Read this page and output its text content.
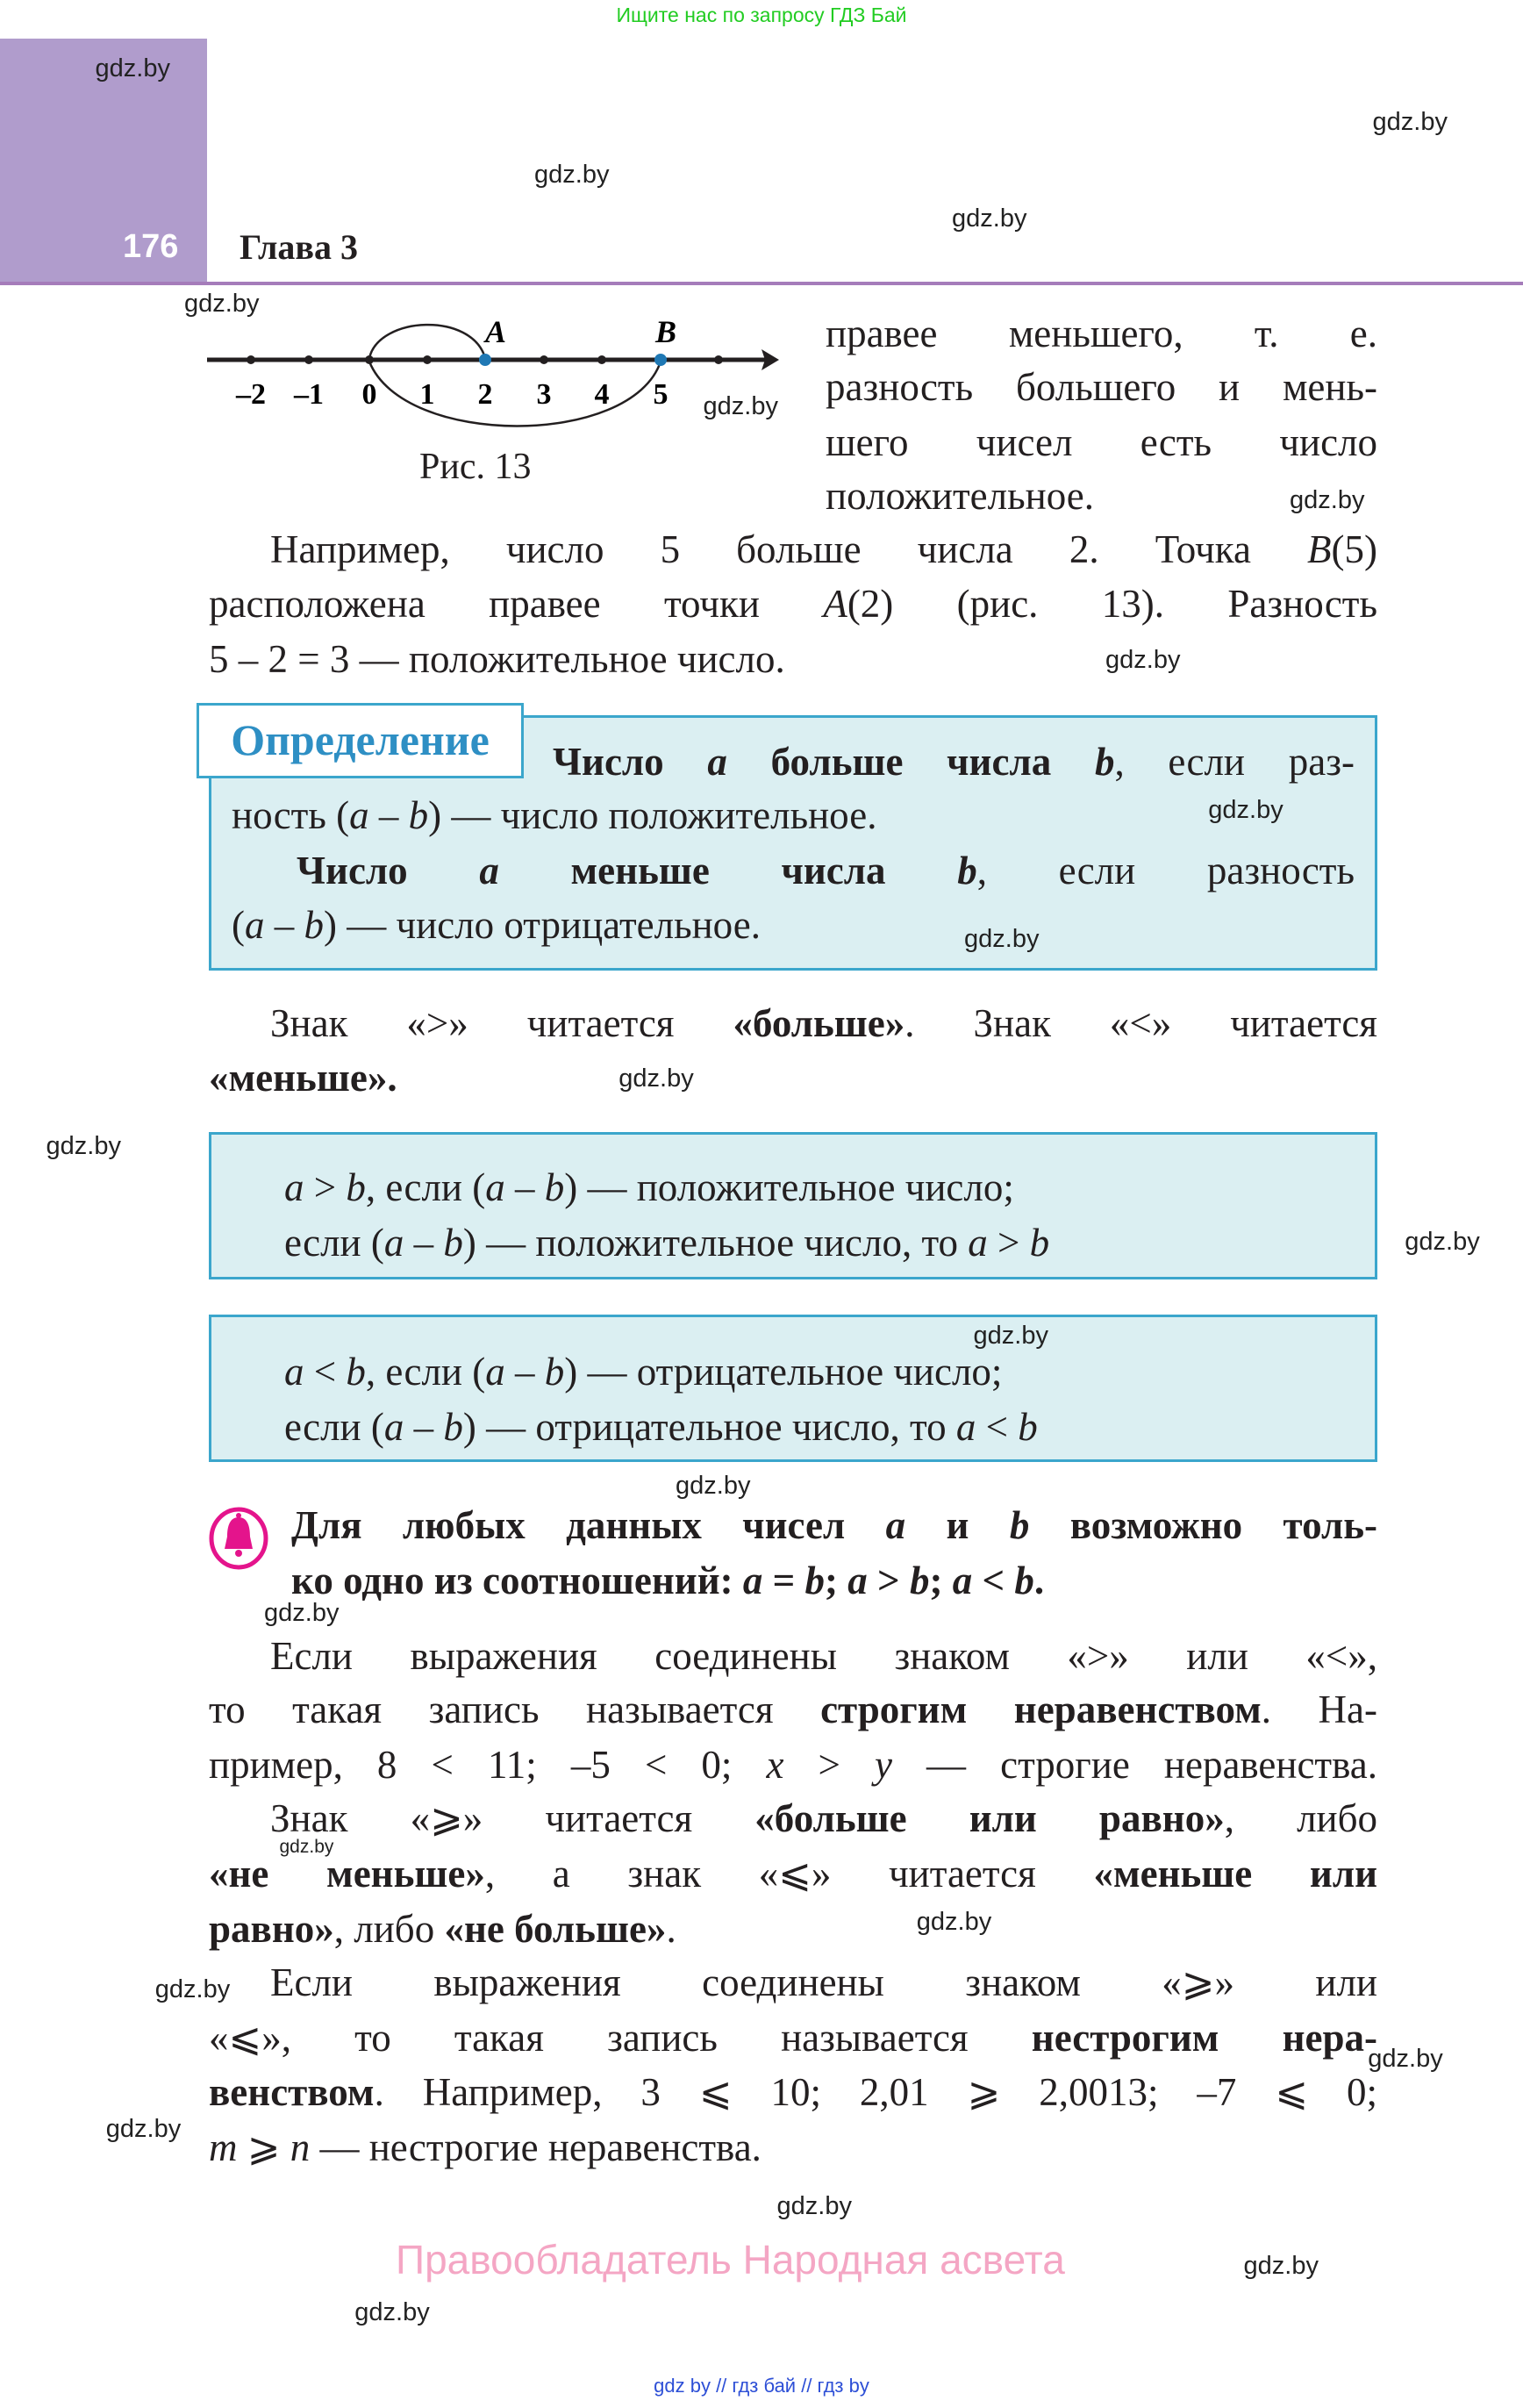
Ищите нас по запросу ГДЗ Бай
176 Глава 3
–2 –1 0 1 2 3 4 5
A	B
Рис. 13
Определение
правее меньшего, т. е.
разность большего и мень-
шего чисел есть число
положительное.
Например, число 5 больше числа 2. Точка B(5)
расположена правее точки A(2) (рис. 13). Разность
5 – 2 = 3 — положительное число.
Число a больше числа b, если раз-
ность (a – b) — число положительное.
Число a меньше числа b, если разность
(a – b) — число отрицательное.
Знак «>» читается «больше». Знак «<» читается
«меньше».
a > b, если (a – b) — положительное число;
если (a – b) — положительное число, то a > b
a < b, если (a – b) — отрицательное число;
если (a – b) — отрицательное число, то a < b
Для любых данных чисел a и b возможно толь-
ко одно из соотношений: a = b; a > b; a < b.
Если выражения соединены знаком «>» или «<»,
то такая запись называется строгим неравенством. На-
пример, 8 < 11; –5 < 0; x > y — строгие неравенства.
Знак «⩾» читается «больше или равно», либо
«не меньше», а знак «⩽» читается «меньше или
равно», либо «не больше».
Если выражения соединены знаком «⩾» или
«⩽», то такая запись называется нестрогим нера-
венством. Например, 3 ⩽ 10; 2,01 ⩾ 2,0013; –7 ⩽ 0;
m ⩾ n — нестрогие неравенства.
gdz.by
gdz.by
gdz.by
gdz.by
gdz.by
gdz.by
gdz.by
gdz.by
gdz.by
gdz.by
gdz.by
gdz.by
gdz.by
gdz.by
gdz.by
gdz.by
gdz.by
gdz.by
gdz.by
gdz.by
gdz.by
gdz.by
gdz.by
gdz.by
Правообладатель Народная асвета
gdz by // гдз бай // гдз by
